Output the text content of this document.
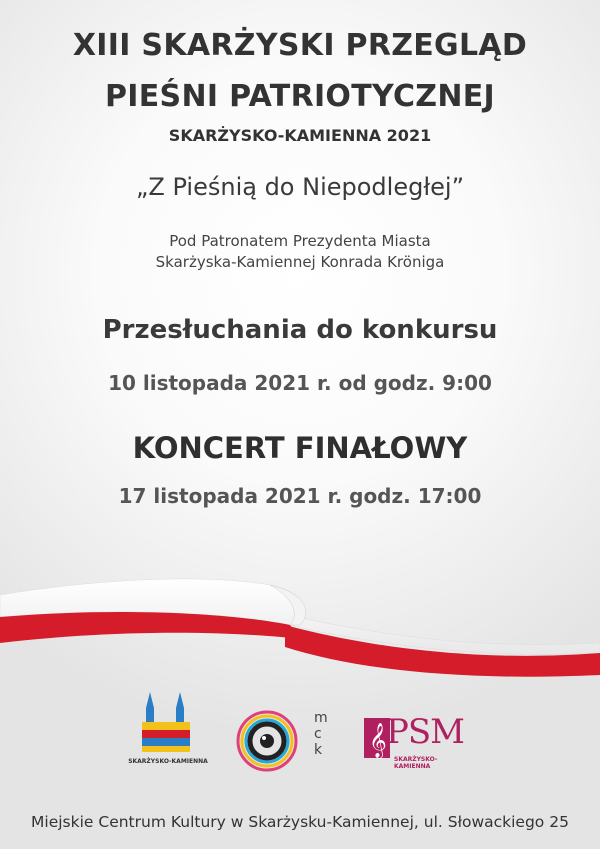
XIII SKARŻYSKI PRZEGLĄD
PIEŚNI PATRIOTYCZNEJ
SKARŻYSKO-KAMIENNA 2021
„Z Pieśnią do Niepodległej”
Pod Patronatem Prezydenta Miasta
Skarżyska-Kamiennej Konrada Kröniga
Przesłuchania do konkursu
10 listopada 2021 r. od godz. 9:00
KONCERT FINAŁOWY
17 listopada 2021 r. godz. 17:00
SKARŻYSKO-KAMIENNA
mck 𝄞 PSM
SKARŻYSKO-KAMIENNA
Miejskie Centrum Kultury w Skarżysku-Kamiennej, ul. Słowackiego 25
